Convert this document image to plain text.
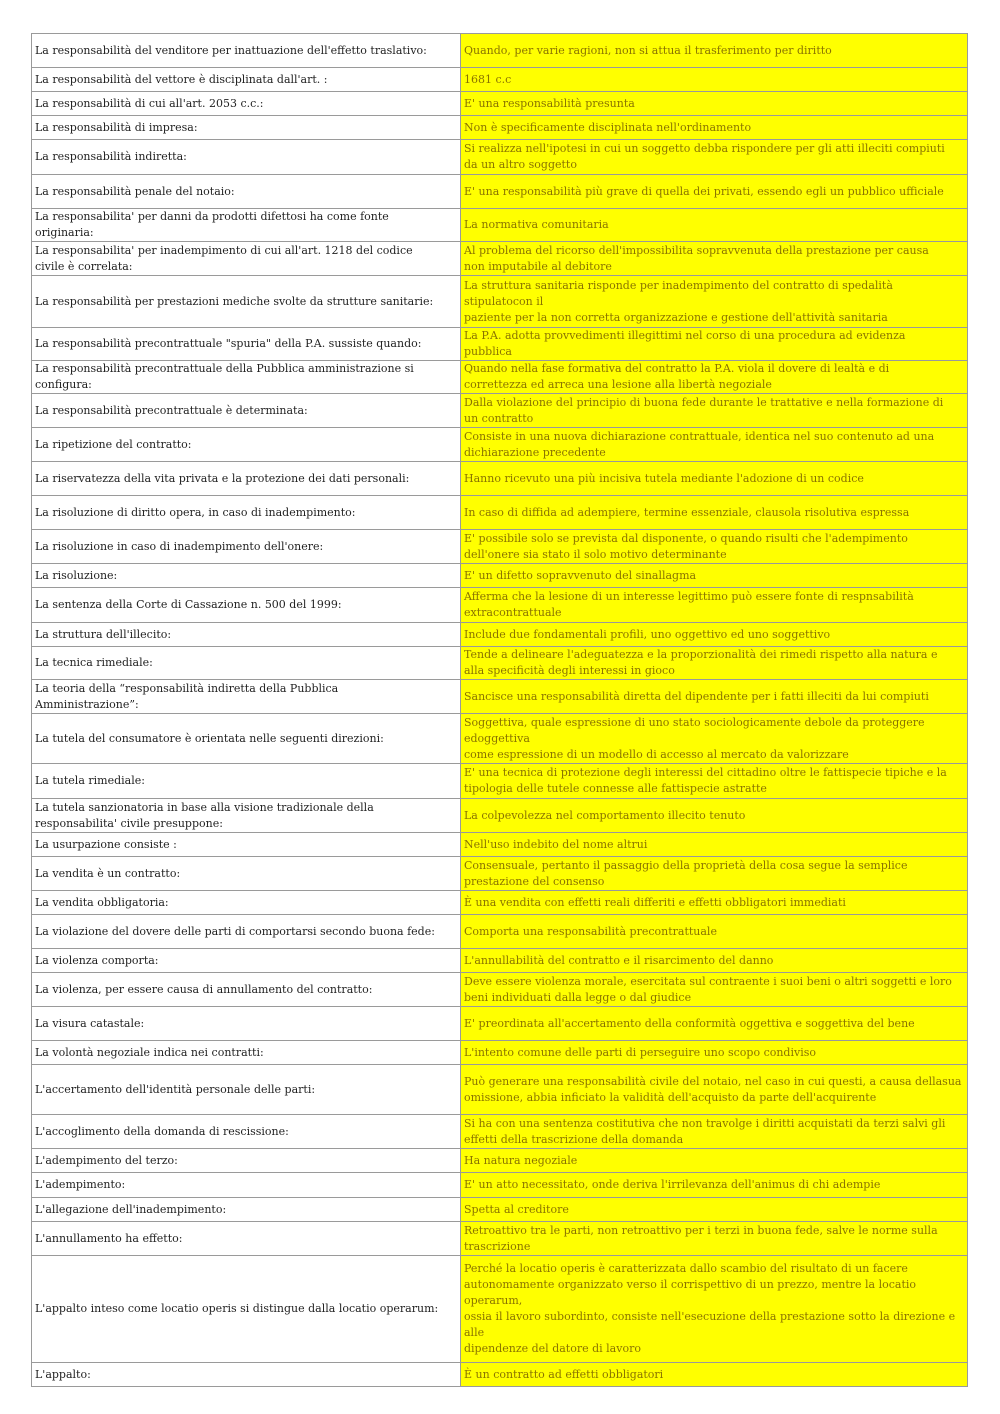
La responsabilità del venditore per inattuazione dell'effetto traslativo:	Quando, per varie ragioni, non si attua il trasferimento per diritto
La responsabilità del vettore è disciplinata dall'art. :	1681 c.c
La responsabilità di cui all'art. 2053 c.c.:	E' una responsabilità presunta
La responsabilità di impresa:	Non è specificamente disciplinata nell'ordinamento
La responsabilità indiretta:	Si realizza nell'ipotesi in cui un soggetto debba rispondere per gli atti illeciti compiuti
da un altro soggetto
La responsabilità penale del notaio:	E' una responsabilità più grave di quella dei privati, essendo egli un pubblico ufficiale
La responsabilita' per danni da prodotti difettosi ha come fonte
originaria:	La normativa comunitaria
La responsabilita' per inadempimento di cui all'art. 1218 del codice
civile è correlata:	Al problema del ricorso dell'impossibilita sopravvenuta della prestazione per causa
non imputabile al debitore
La responsabilità per prestazioni mediche svolte da strutture sanitarie:	La struttura sanitaria risponde per inadempimento del contratto di spedalità stipulatocon il
paziente per la non corretta organizzazione e gestione dell'attività sanitaria
La responsabilità precontrattuale "spuria" della P.A. sussiste quando:	La P.A. adotta provvedimenti illegittimi nel corso di una procedura ad evidenza
pubblica
La responsabilità precontrattuale della Pubblica amministrazione si
configura:	Quando nella fase formativa del contratto la P.A. viola il dovere di lealtà e di
correttezza ed arreca una lesione alla libertà negoziale
La responsabilità precontrattuale è determinata:	Dalla violazione del principio di buona fede durante le trattative e nella formazione di
un contratto
La ripetizione del contratto:	Consiste in una nuova dichiarazione contrattuale, identica nel suo contenuto ad una
dichiarazione precedente
La riservatezza della vita privata e la protezione dei dati personali:	Hanno ricevuto una più incisiva tutela mediante l'adozione di un codice
La risoluzione di diritto opera, in caso di inadempimento:	In caso di diffida ad adempiere, termine essenziale, clausola risolutiva espressa
La risoluzione in caso di inadempimento dell'onere:	E' possibile solo se prevista dal disponente, o quando risulti che l'adempimento
dell'onere sia stato il solo motivo determinante
La risoluzione:	E' un difetto sopravvenuto del sinallagma
La sentenza della Corte di Cassazione n. 500 del 1999:	Afferma che la lesione di un interesse legittimo può essere fonte di respnsabilità
extracontrattuale
La struttura dell'illecito:	Include due fondamentali profili, uno oggettivo ed uno soggettivo
La tecnica rimediale:	Tende a delineare l'adeguatezza e la proporzionalità dei rimedi rispetto alla natura e
alla specificità degli interessi in gioco
La teoria della “responsabilità indiretta della Pubblica
Amministrazione”:	Sancisce una responsabilità diretta del dipendente per i fatti illeciti da lui compiuti
La tutela del consumatore è orientata nelle seguenti direzioni:	Soggettiva, quale espressione di uno stato sociologicamente debole da proteggere edoggettiva
come espressione di un modello di accesso al mercato da valorizzare
La tutela rimediale:	E' una tecnica di protezione degli interessi del cittadino oltre le fattispecie tipiche e la
tipologia delle tutele connesse alle fattispecie astratte
La tutela sanzionatoria in base alla visione tradizionale della
responsabilita' civile presuppone:	La colpevolezza nel comportamento illecito tenuto
La usurpazione consiste :	Nell'uso indebito del nome altrui
La vendita è un contratto:	Consensuale, pertanto il passaggio della proprietà della cosa segue la semplice
prestazione del consenso
La vendita obbligatoria:	È una vendita con effetti reali differiti e effetti obbligatori immediati
La violazione del dovere delle parti di comportarsi secondo buona fede:	Comporta una responsabilità precontrattuale
La violenza comporta:	L'annullabilità del contratto e il risarcimento del danno
La violenza, per essere causa di annullamento del contratto:	Deve essere violenza morale, esercitata sul contraente i suoi beni o altri soggetti e loro
beni individuati dalla legge o dal giudice
La visura catastale:	E' preordinata all'accertamento della conformità oggettiva e soggettiva del bene
La volontà negoziale indica nei contratti:	L'intento comune delle parti di perseguire uno scopo condiviso
L'accertamento dell'identità personale delle parti:	Può generare una responsabilità civile del notaio, nel caso in cui questi, a causa dellasua
omissione, abbia inficiato la validità dell'acquisto da parte dell'acquirente
L'accoglimento della domanda di rescissione:	Si ha con una sentenza costitutiva che non travolge i diritti acquistati da terzi salvi gli
effetti della trascrizione della domanda
L'adempimento del terzo:	Ha natura negoziale
L'adempimento:	E' un atto necessitato, onde deriva l'irrilevanza dell'animus di chi adempie
L'allegazione dell'inadempimento:	Spetta al creditore
L'annullamento ha effetto:	Retroattivo tra le parti, non retroattivo per i terzi in buona fede, salve le norme sulla
trascrizione
L'appalto inteso come locatio operis si distingue dalla locatio operarum:	Perché la locatio operis è caratterizzata dallo scambio del risultato di un facere
autonomamente organizzato verso il corrispettivo di un prezzo, mentre la locatio operarum,
ossia il lavoro subordinto, consiste nell'esecuzione della prestazione sotto la direzione e alle
dipendenze del datore di lavoro
L'appalto:	È un contratto ad effetti obbligatori
